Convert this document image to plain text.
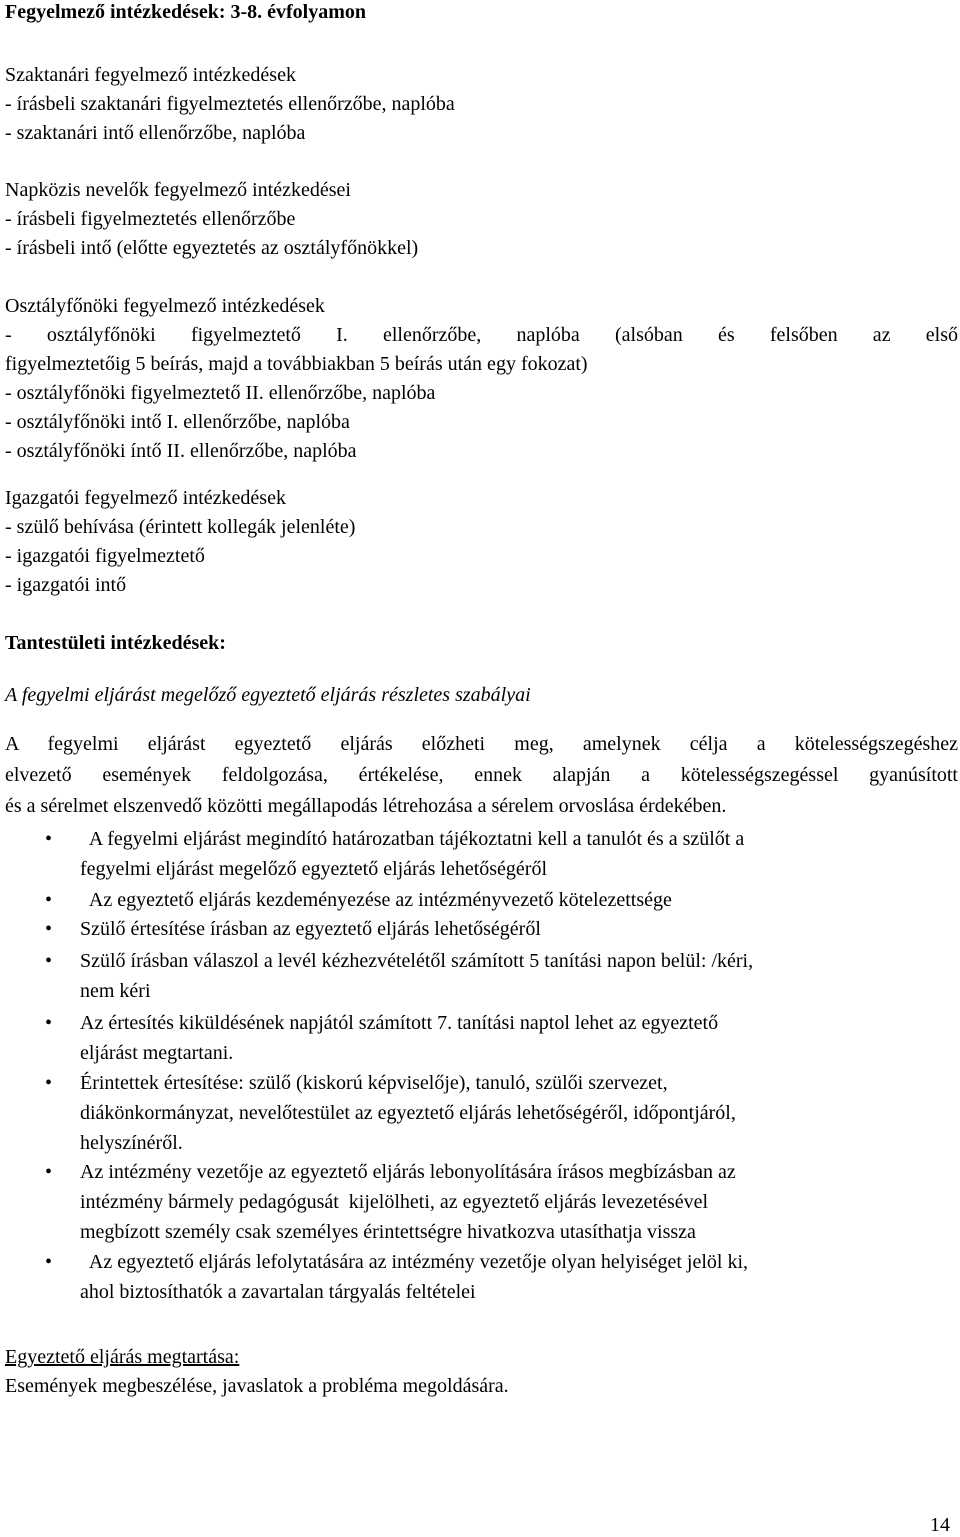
Fegyelmező intézkedések: 3-8. évfolyamon
Szaktanári fegyelmező intézkedések
- írásbeli szaktanári figyelmeztetés ellenőrzőbe, naplóba
- szaktanári intő ellenőrzőbe, naplóba
Napközis nevelők fegyelmező intézkedései
- írásbeli figyelmeztetés ellenőrzőbe
- írásbeli intő (előtte egyeztetés az osztályfőnökkel)
Osztályfőnöki fegyelmező intézkedések
- osztályfőnöki figyelmeztető I. ellenőrzőbe, naplóba (alsóban és felsőben az első
figyelmeztetőig 5 beírás, majd a továbbiakban 5 beírás után egy fokozat)
- osztályfőnöki figyelmeztető II. ellenőrzőbe, naplóba
- osztályfőnöki intő I. ellenőrzőbe, naplóba
- osztályfőnöki íntő II. ellenőrzőbe, naplóba
Igazgatói fegyelmező intézkedések
- szülő behívása (érintett kollegák jelenléte)
- igazgatói figyelmeztető
- igazgatói intő
Tantestületi intézkedések:
A fegyelmi eljárást megelőző egyeztető eljárás részletes szabályai
A fegyelmi eljárást egyeztető eljárás előzheti meg, amelynek célja a kötelességszegéshez
elvezető események feldolgozása, értékelése, ennek alapján a kötelességszegéssel gyanúsított
és a sérelmet elszenvedő közötti megállapodás létrehozása a sérelem orvoslása érdekében.
• A fegyelmi eljárást megindító határozatban tájékoztatni kell a tanulót és a szülőt a
fegyelmi eljárást megelőző egyeztető eljárás lehetőségéről
• Az egyeztető eljárás kezdeményezése az intézményvezető kötelezettsége
• Szülő értesítése írásban az egyeztető eljárás lehetőségéről
• Szülő írásban válaszol a levél kézhezvételétől számított 5 tanítási napon belül: /kéri,
nem kéri
• Az értesítés kiküldésének napjától számított 7. tanítási naptol lehet az egyeztető
eljárást megtartani.
• Érintettek értesítése: szülő (kiskorú képviselője), tanuló, szülői szervezet,
diákönkormányzat, nevelőtestület az egyeztető eljárás lehetőségéről, időpontjáról,
helyszínéről.
• Az intézmény vezetője az egyeztető eljárás lebonyolítására írásos megbízásban az
intézmény bármely pedagógusát  kijelölheti, az egyeztető eljárás levezetésével
megbízott személy csak személyes érintettségre hivatkozva utasíthatja vissza
• Az egyeztető eljárás lefolytatására az intézmény vezetője olyan helyiséget jelöl ki,
ahol biztosíthatók a zavartalan tárgyalás feltételei
Egyeztető eljárás megtartása:
Események megbeszélése, javaslatok a probléma megoldására.
14
